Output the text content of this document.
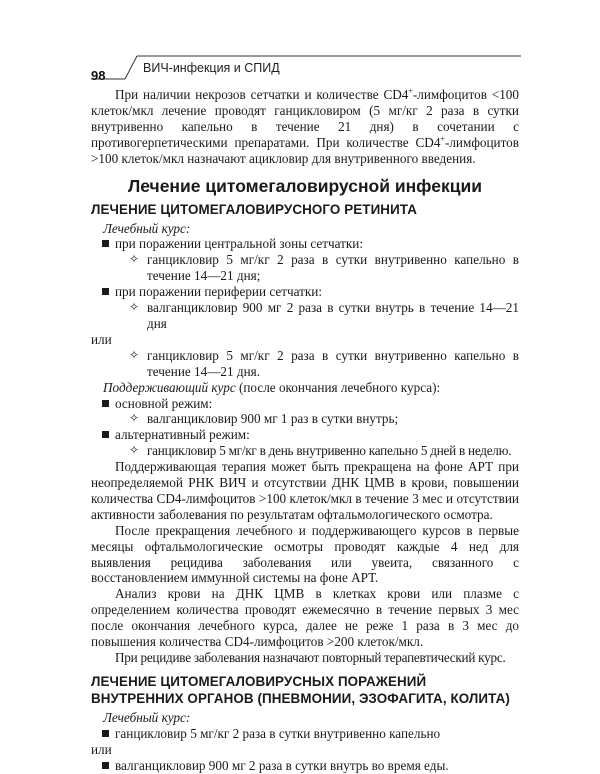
98	ВИЧ-инфекция и СПИД

При наличии некрозов сетчатки и количестве CD4+-лимфоцитов <100 клеток/мкл лечение проводят ганцикловиром (5 мг/кг 2 раза в сутки внутривенно капельно в течение 21 дня) в сочетании с противогерпетическими препаратами. При количестве CD4+-лимфоцитов >100 клеток/мкл назначают ацикловир для внутривенного введения.

Лечение цитомегаловирусной инфекции
ЛЕЧЕНИЕ ЦИТОМЕГАЛОВИРУСНОГО РЕТИНИТА

Лечебный курс:

при поражении центральной зоны сетчатки:
✧ ганцикловир 5 мг/кг 2 раза в сутки внутривенно капельно в течение 14—21 дня;
при поражении периферии сетчатки:
✧ валганцикловир 900 мг 2 раза в сутки внутрь в течение 14—21 дня

или

✧ ганцикловир 5 мг/кг 2 раза в сутки внутривенно капельно в течение 14—21 дня.

Поддерживающий курс (после окончания лечебного курса):

основной режим:
✧ валганцикловир 900 мг 1 раз в сутки внутрь;
альтернативный режим:
✧ ганцикловир 5 мг/кг в день внутривенно капельно 5 дней в неделю.

Поддерживающая терапия может быть прекращена на фоне АРТ при неопределяемой РНК ВИЧ и отсутствии ДНК ЦМВ в крови, повышении количества CD4-лимфоцитов >100 клеток/мкл в течение 3 мес и отсутствии активности заболевания по результатам офтальмологического осмотра.

После прекращения лечебного и поддерживающего курсов в первые месяцы офтальмологические осмотры проводят каждые 4 нед для выявления рецидива заболевания или увеита, связанного с восстановлением иммунной системы на фоне АРТ.

Анализ крови на ДНК ЦМВ в клетках крови или плазме с определением количества проводят ежемесячно в течение первых 3 мес после окончания лечебного курса, далее не реже 1 раза в 3 мес до повышения количества CD4-лимфоцитов >200 клеток/мкл.

При рецидиве заболевания назначают повторный терапевтический курс.

ЛЕЧЕНИЕ ЦИТОМЕГАЛОВИРУСНЫХ ПОРАЖЕНИЙ
ВНУТРЕННИХ ОРГАНОВ (ПНЕВМОНИИ, ЭЗОФАГИТА, КОЛИТА)

Лечебный курс:

ганцикловир 5 мг/кг 2 раза в сутки внутривенно капельно

или

валганцикловир 900 мг 2 раза в сутки внутрь во время еды.
